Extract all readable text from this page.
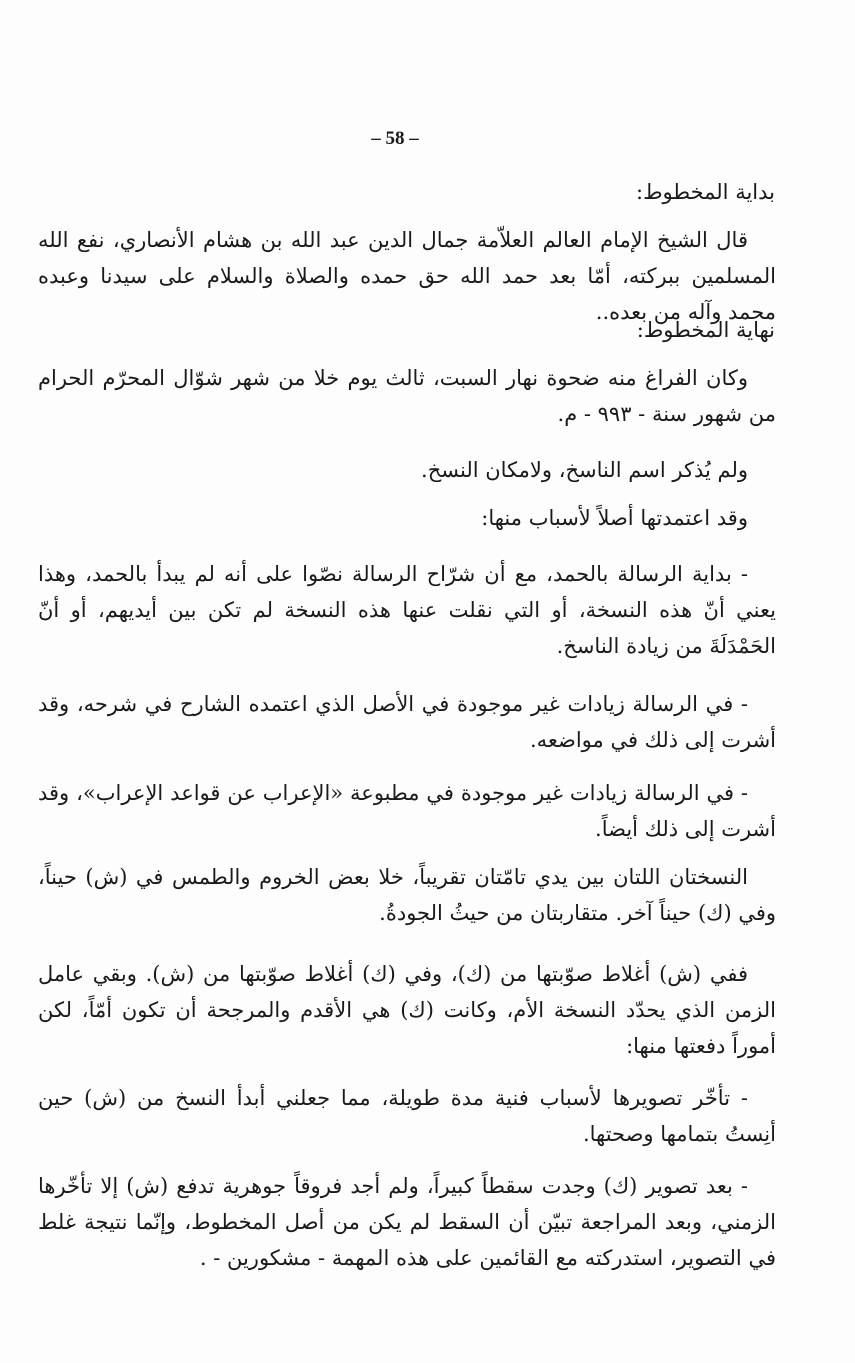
– 58 –
بداية المخطوط:
قال الشيخ الإمام العالم العلاّمة جمال الدين عبد الله بن هشام الأنصاري، نفع الله المسلمين ببركته، أمّا بعد حمد الله حق حمده والصلاة والسلام على سيدنا وعبده محمد وآله من بعده..
نهاية المخطوط:
وكان الفراغ منه ضحوة نهار السبت، ثالث يوم خلا من شهر شوّال المحرّم الحرام من شهور سنة - ٩٩٣ - م.
ولم يُذكر اسم الناسخ، ولامكان النسخ.
وقد اعتمدتها أصلاً لأسباب منها:
- بداية الرسالة بالحمد، مع أن شرّاح الرسالة نصّوا على أنه لم يبدأ بالحمد، وهذا يعني أنّ هذه النسخة، أو التي نقلت عنها هذه النسخة لم تكن بين أيديهم، أو أنّ الحَمْدَلَةَ من زيادة الناسخ.
- في الرسالة زيادات غير موجودة في الأصل الذي اعتمده الشارح في شرحه، وقد أشرت إلى ذلك في مواضعه.
- في الرسالة زيادات غير موجودة في مطبوعة «الإعراب عن قواعد الإعراب»، وقد أشرت إلى ذلك أيضاً.
النسختان اللتان بين يدي تامّتان تقريباً، خلا بعض الخروم والطمس في (ش) حيناً، وفي (ك) حيناً آخر. متقاربتان من حيثُ الجودةُ.
ففي (ش) أغلاط صوّبتها من (ك)، وفي (ك) أغلاط صوّبتها من (ش). وبقي عامل الزمن الذي يحدّد النسخة الأم، وكانت (ك) هي الأقدم والمرجحة أن تكون أمّاً، لكن أموراً دفعتها منها:
- تأخّر تصويرها لأسباب فنية مدة طويلة، مما جعلني أبدأ النسخ من (ش) حين أنِستُ بتمامها وصحتها.
- بعد تصوير (ك) وجدت سقطاً كبيراً، ولم أجد فروقاً جوهرية تدفع (ش) إلا تأخّرها الزمني، وبعد المراجعة تبيّن أن السقط لم يكن من أصل المخطوط، وإنّما نتيجة غلط في التصوير، استدركته مع القائمين على هذه المهمة - مشكورين - .
